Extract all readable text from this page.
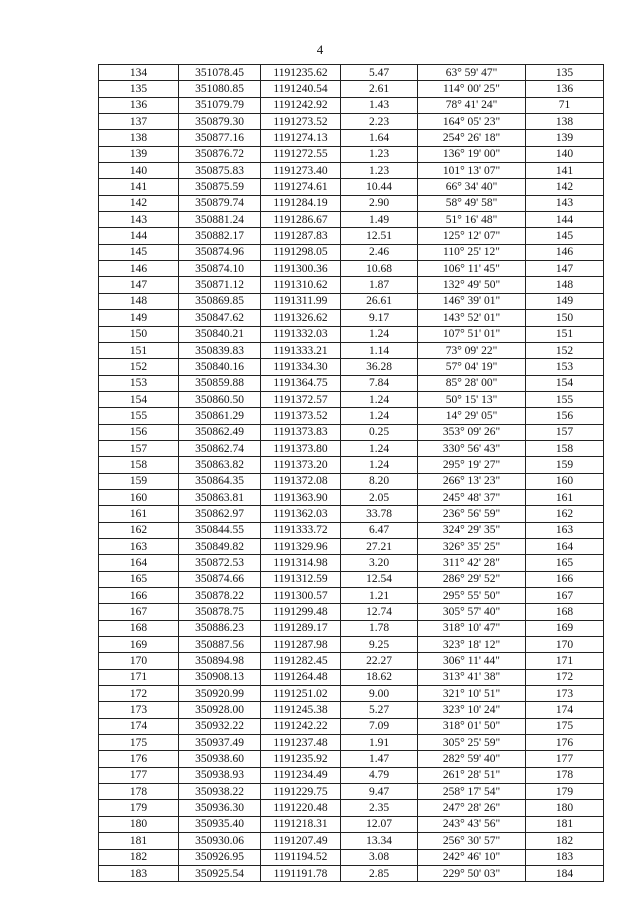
4
134	351078.45	1191235.62	5.47	63° 59' 47"	135
135	351080.85	1191240.54	2.61	114° 00' 25"	136
136	351079.79	1191242.92	1.43	78° 41' 24"	71
137	350879.30	1191273.52	2.23	164° 05' 23"	138
138	350877.16	1191274.13	1.64	254° 26' 18"	139
139	350876.72	1191272.55	1.23	136° 19' 00"	140
140	350875.83	1191273.40	1.23	101° 13' 07"	141
141	350875.59	1191274.61	10.44	66° 34' 40"	142
142	350879.74	1191284.19	2.90	58° 49' 58"	143
143	350881.24	1191286.67	1.49	51° 16' 48"	144
144	350882.17	1191287.83	12.51	125° 12' 07"	145
145	350874.96	1191298.05	2.46	110° 25' 12"	146
146	350874.10	1191300.36	10.68	106° 11' 45"	147
147	350871.12	1191310.62	1.87	132° 49' 50"	148
148	350869.85	1191311.99	26.61	146° 39' 01"	149
149	350847.62	1191326.62	9.17	143° 52' 01"	150
150	350840.21	1191332.03	1.24	107° 51' 01"	151
151	350839.83	1191333.21	1.14	73° 09' 22"	152
152	350840.16	1191334.30	36.28	57° 04' 19"	153
153	350859.88	1191364.75	7.84	85° 28' 00"	154
154	350860.50	1191372.57	1.24	50° 15' 13"	155
155	350861.29	1191373.52	1.24	14° 29' 05"	156
156	350862.49	1191373.83	0.25	353° 09' 26"	157
157	350862.74	1191373.80	1.24	330° 56' 43"	158
158	350863.82	1191373.20	1.24	295° 19' 27"	159
159	350864.35	1191372.08	8.20	266° 13' 23"	160
160	350863.81	1191363.90	2.05	245° 48' 37"	161
161	350862.97	1191362.03	33.78	236° 56' 59"	162
162	350844.55	1191333.72	6.47	324° 29' 35"	163
163	350849.82	1191329.96	27.21	326° 35' 25"	164
164	350872.53	1191314.98	3.20	311° 42' 28"	165
165	350874.66	1191312.59	12.54	286° 29' 52"	166
166	350878.22	1191300.57	1.21	295° 55' 50"	167
167	350878.75	1191299.48	12.74	305° 57' 40"	168
168	350886.23	1191289.17	1.78	318° 10' 47"	169
169	350887.56	1191287.98	9.25	323° 18' 12"	170
170	350894.98	1191282.45	22.27	306° 11' 44"	171
171	350908.13	1191264.48	18.62	313° 41' 38"	172
172	350920.99	1191251.02	9.00	321° 10' 51"	173
173	350928.00	1191245.38	5.27	323° 10' 24"	174
174	350932.22	1191242.22	7.09	318° 01' 50"	175
175	350937.49	1191237.48	1.91	305° 25' 59"	176
176	350938.60	1191235.92	1.47	282° 59' 40"	177
177	350938.93	1191234.49	4.79	261° 28' 51"	178
178	350938.22	1191229.75	9.47	258° 17' 54"	179
179	350936.30	1191220.48	2.35	247° 28' 26"	180
180	350935.40	1191218.31	12.07	243° 43' 56"	181
181	350930.06	1191207.49	13.34	256° 30' 57"	182
182	350926.95	1191194.52	3.08	242° 46' 10"	183
183	350925.54	1191191.78	2.85	229° 50' 03"	184
